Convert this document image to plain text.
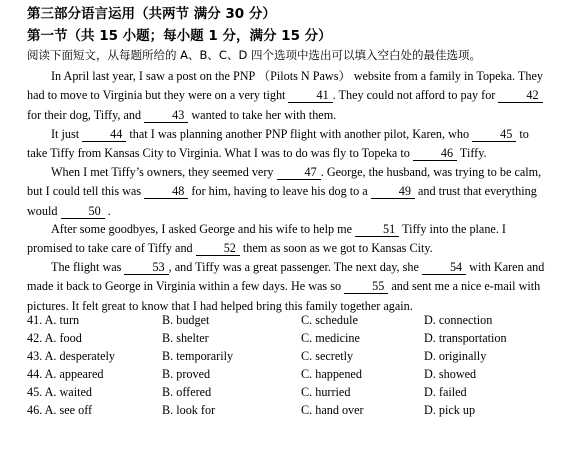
第三部分语言运用（共两节 满分 30 分）
第一节（共 15 小题；每小题 1 分，满分 15 分）
阅读下面短文，从每题所给的 A、B、C、D 四个选项中选出可以填入空白处的最佳选项。
In April last year, I saw a post on the PNP （Pilots N Paws） website from a family in Topeka. They had to move to Virginia but they were on a very tight	41 . They could not afford to pay for	42 for their dog, Tiffy, and	43 wanted to take her with them.
It just	44 that I was planning another PNP flight with another pilot, Karen, who	45 to take Tiffy from Kansas City to Virginia. What I was to do was fly to Topeka to	46 Tiffy.
When I met Tiffy’s owners, they seemed very	47 . George, the husband, was trying to be calm, but I could tell this was	48 for him, having to leave his dog to a	49 and trust that everything would	50 .
After some goodbyes, I asked George and his wife to help me	51 Tiffy into the plane. I promised to take care of Tiffy and	52 them as soon as we got to Kansas City.
The flight was	53 , and Tiffy was a great passenger. The next day, she	54 with Karen and made it back to George in Virginia within a few days. He was so	55 and sent me a nice e-mail with pictures. It felt great to know that I had helped bring this family together again.
41. A. turn	B. budget	C. schedule	D. connection
42. A. food	B. shelter	C. medicine	D. transportation
43. A. desperately	B. temporarily	C. secretly	D. originally
44. A. appeared	B. proved	C. happened	D. showed
45. A. waited	B. offered	C. hurried	D. failed
46. A. see off	B. look for	C. hand over	D. pick up
